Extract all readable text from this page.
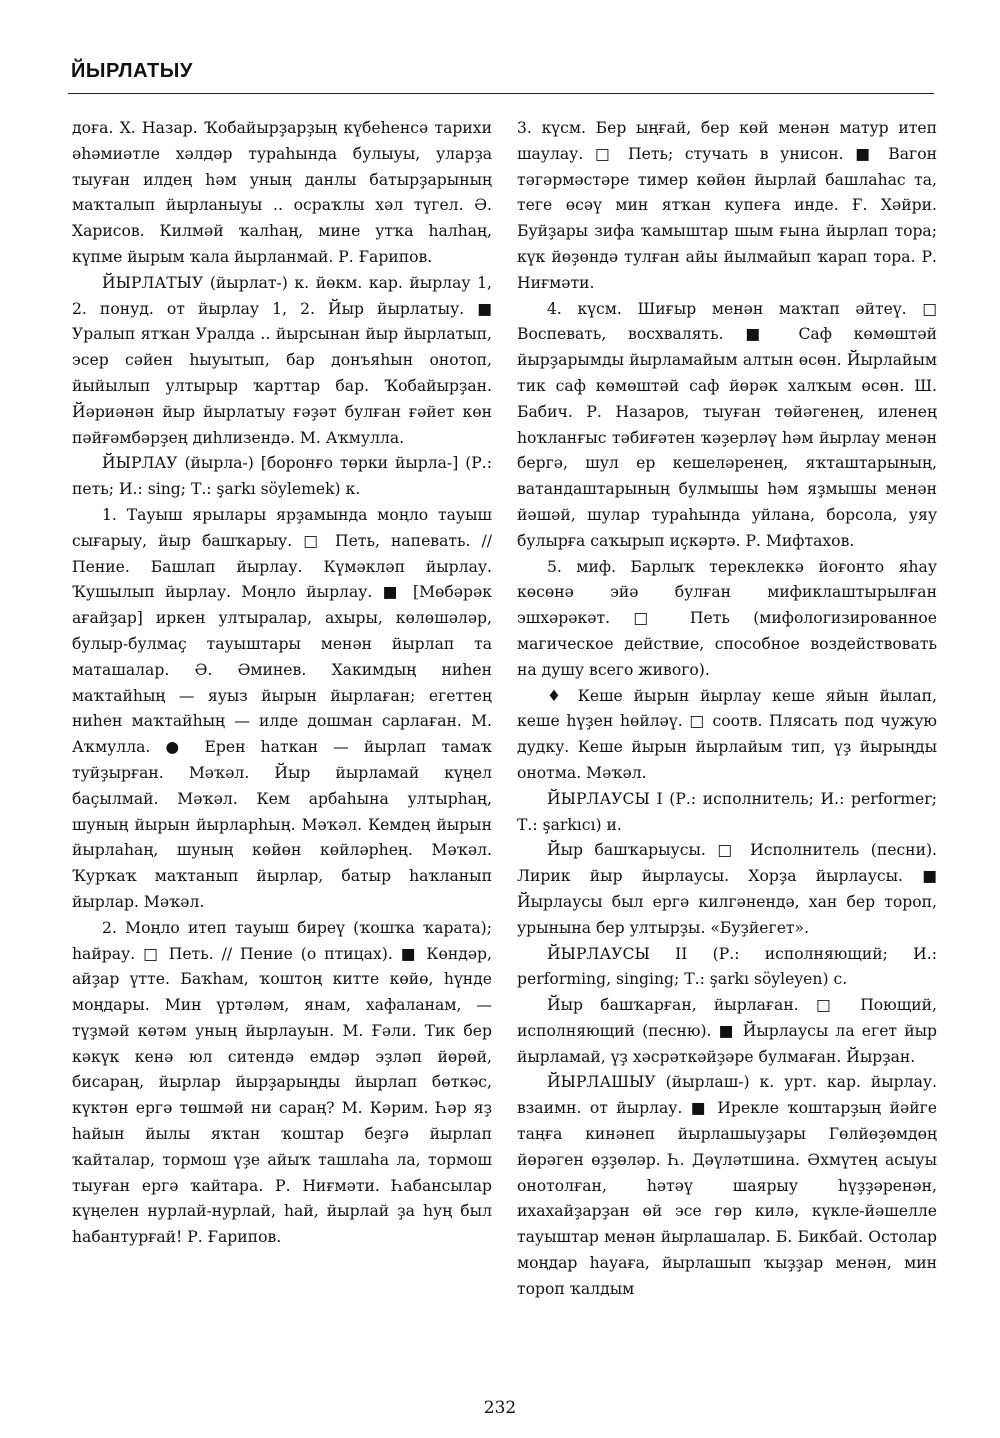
ЙЫРЛАТЫУ

доға. Х. Назар. Ҡобайырҙарҙың күбеһенсә тарихи әһәмиәтле хәлдәр тураһында булыуы, уларҙа тыуған илдең һәм уның данлы батырҙарының маҡталып йырланыуы .. осраҡлы хәл түгел. Ә. Харисов. Килмәй ҡалһаң, мине утҡа һалһаң, күпме йырым ҡала йырланмай. Р. Ғарипов.

ЙЫРЛАТЫУ (йырлат-) к. йөкм. кар. йырлау 1, 2. понуд. от йырлау 1, 2. Йыр йырлатыу. ■ Уралып ятҡан Уралда .. йырсынан йыр йырлатып, эсер сәйен һыуытып, бар донъяһын онотоп, йыйылып ултырыр ҡарттар бар. Ҡобайырҙан. Йәриәнән йыр йырлатыу ғәҙәт булған ғәйет көн пәйғәмбәрҙең диһлизендә. М. Аҡмулла.

ЙЫРЛАУ (йырла-) [боронғо төрки йырла-] (Р.: петь; И.: sing; Т.: şarkı söylemek) к.

1. Тауыш ярылары ярҙамында моңло тауыш сығарыу, йыр башҡарыу. □ Петь, напевать. // Пение. Башлап йырлау. Күмәкләп йырлау. Ҡушылып йырлау. Моңло йырлау. ■ [Мөбәрәк ағайҙар] иркен ултыралар, ахыры, көлөшәләр, булыр-булмаҫ тауыштары менән йырлап та маташалар. Ә. Әминев. Хакимдың ниһен маҡтайһың — яуыз йырын йырлаған; егеттең ниһен маҡтайһың — илде дошман сарлаған. М. Аҡмулла. ● Ерен һаткан — йырлап тамаҡ туйҙырған. Мәҡәл. Йыр йырламай күңел баҫылмай. Мәҡәл. Кем арбаһына ултырһаң, шуның йырын йырларһың. Мәҡәл. Кемдең йырын йырлаһаң, шуның көйөн көйләрһең. Мәҡәл. Ҡурҡаҡ маҡтанып йырлар, батыр һаҡланып йырлар. Мәҡәл.

2. Моңло итеп тауыш биреү (ҡошҡа ҡарата); һайрау. □ Петь. // Пение (о птицах). ■ Көндәр, айҙар үтте. Баҡһам, ҡоштоң китте көйө, һүнде моңдары. Мин үртәләм, янам, хафаланам, — түҙмәй көтәм уның йырлауын. М. Ғәли. Тик бер кәкүк кенә юл ситендә емдәр эҙләп йөрөй, бисараң, йырлар йырҙарыңды йырлап бөткәс, күктән ергә төшмәй ни сараң? М. Кәрим. Һәр яҙ һайын йылы яҡтан ҡоштар беҙгә йырлап ҡайталар, тормош үҙе айыҡ ташлаһа ла, тормош тыуған ергә ҡайтара. Р. Ниғмәти. Һабансылар күңелен нурлай-нурлай, һай, йырлай ҙа һуң был һабантурғай! Р. Ғарипов.

3. күсм. Бер ыңғай, бер көй менән матур итеп шаулау. □ Петь; стучать в унисон. ■ Вагон тәгәрмәстәре тимер көйөн йырлай башлаһас та, теге өсәү мин ятҡан купеға инде. Ғ. Хәйри. Буйҙары зифа ҡамыштар шым ғына йырлап тора; күк йөҙөндә тулған айы йылмайып ҡарап тора. Р. Ниғмәти.

4. күсм. Шиғыр менән маҡтап әйтеү. □ Воспевать, восхвалять. ■ Саф көмөштәй йырҙарымды йырламайым алтын өсөн. Йырлайым тик саф көмөштәй саф йөрәк халҡым өсөн. Ш. Бабич. Р. Назаров, тыуған төйәгенең, иленең һоҡланғыс тәбиғәтен ҡәҙерләү һәм йырлау менән бергә, шул ер кешеләренең, яҡташтарының, ватандаштарының булмышы һәм яҙмышы менән йәшәй, шулар тураһында уйлана, борсола, уяу булырға саҡырып иҫкәртә. Р. Мифтахов.

5. миф. Барлыҡ тереклеккә йоғонто яһау көсөнә эйә булған мификлаштырылған эшхәрәкәт. □ Петь (мифологизированное магическое действие, способное воздействовать на душу всего живого).

♦ Кеше йырын йырлау кеше яйын йылап, кеше һүҙен һөйләү. □ соотв. Плясать под чужую дудку. Кеше йырын йырлайым тип, үҙ йырыңды онотма. Мәҡәл.

ЙЫРЛАУСЫ I (Р.: исполнитель; И.: performer; Т.: şarkıcı) и.

Йыр башҡарыусы. □ Исполнитель (песни). Лирик йыр йырлаусы. Хорҙа йырлаусы. ■ Йырлаусы был ергә килгәнендә, хан бер тороп, урынына бер ултырҙы. «Буҙйегет».

ЙЫРЛАУСЫ II (Р.: исполняющий; И.: performing, singing; Т.: şarkı söyleyen) с.

Йыр башҡарған, йырлаған. □ Поющий, исполняющий (песню). ■ Йырлаусы ла егет йыр йырламай, үҙ хәсрәткәйҙәре булмаған. Йырҙан.

ЙЫРЛАШЫУ (йырлаш-) к. урт. кар. йырлау. взаимн. от йырлау. ■ Ирекле ҡоштарҙың йәйге таңға кинәнеп йырлашыуҙары Гөлйөҙөмдөң йөрәген өҙҙөләр. Һ. Дәүләтшина. Әхмүтең асыуы онотолған, һәтәү шаярыу һүҙҙәренән, ихахайҙарҙан өй эсе гөр килә, күкле-йәшелле тауыштар менән йырлашалар. Б. Бикбай. Остолар моңдар һауаға, йырлашып ҡыҙҙар менән, мин тороп ҡалдым

232
